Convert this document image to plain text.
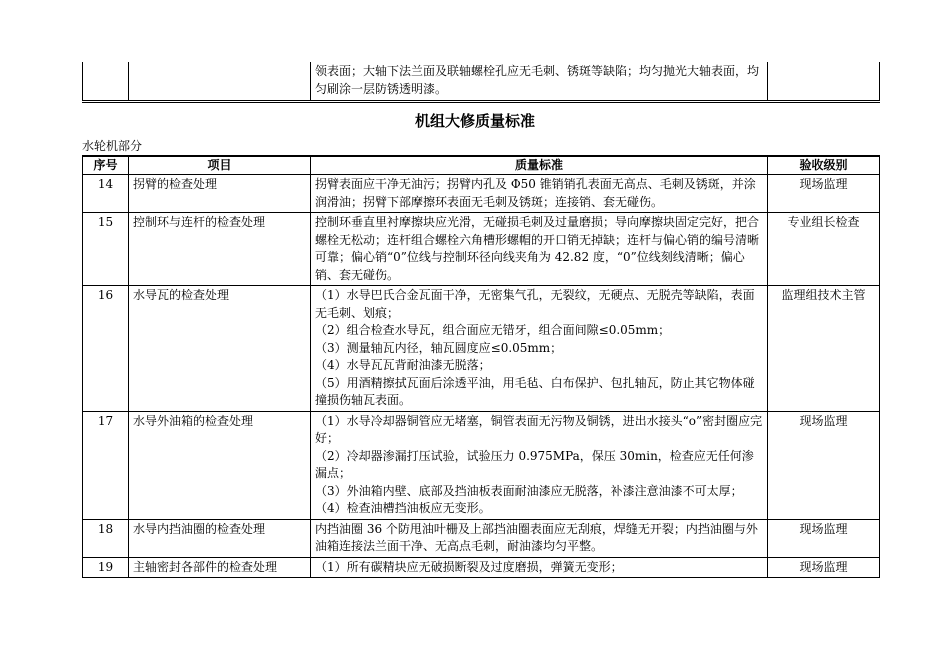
		领表面；大轴下法兰面及联轴螺栓孔应无毛刺、锈斑等缺陷；均匀抛光大轴表面，均匀刷涂一层防锈透明漆。	
机组大修质量标准
水轮机部分
序号	项目	质量标准	验收级别
14	拐臂的检查处理	拐臂表面应干净无油污；拐臂内孔及 Φ50 锥销销孔表面无高点、毛刺及锈斑，并涂润滑油；拐臂下部摩擦环表面无毛刺及锈斑；连接销、套无碰伤。	现场监理
15	控制环与连杆的检查处理	控制环垂直里衬摩擦块应光滑，无碰损毛刺及过量磨损；导向摩擦块固定完好，把合螺栓无松动；连杆组合螺栓六角槽形螺帽的开口销无掉缺；连杆与偏心销的编号清晰可靠；偏心销“0”位线与控制环径向线夹角为 42.82 度，“0”位线刻线清晰；偏心销、套无碰伤。	专业组长检查
16	水导瓦的检查处理	（1）水导巴氏合金瓦面干净，无密集气孔，无裂纹，无硬点、无脱壳等缺陷，表面无毛刺、划痕；
（2）组合检查水导瓦，组合面应无错牙，组合面间隙≤0.05mm；
（3）测量轴瓦内径，轴瓦圆度应≤0.05mm；
（4）水导瓦瓦背耐油漆无脱落；
（5）用酒精擦拭瓦面后涂透平油，用毛毡、白布保护、包扎轴瓦，防止其它物体碰撞损伤轴瓦表面。	监理组技术主管
17	水导外油箱的检查处理	（1）水导冷却器铜管应无堵塞，铜管表面无污物及铜锈，进出水接头“o”密封圈应完好；
（2）冷却器渗漏打压试验，试验压力 0.975MPa，保压 30min，检查应无任何渗漏点；
（3）外油箱内壁、底部及挡油板表面耐油漆应无脱落，补漆注意油漆不可太厚；
（4）检查油槽挡油板应无变形。	现场监理
18	水导内挡油圈的检查处理	内挡油圈 36 个防甩油叶栅及上部挡油圈表面应无刮痕，焊缝无开裂；内挡油圈与外油箱连接法兰面干净、无高点毛刺，耐油漆均匀平整。	现场监理
19	主轴密封各部件的检查处理	（1）所有碳精块应无破损断裂及过度磨损，弹簧无变形；	现场监理
